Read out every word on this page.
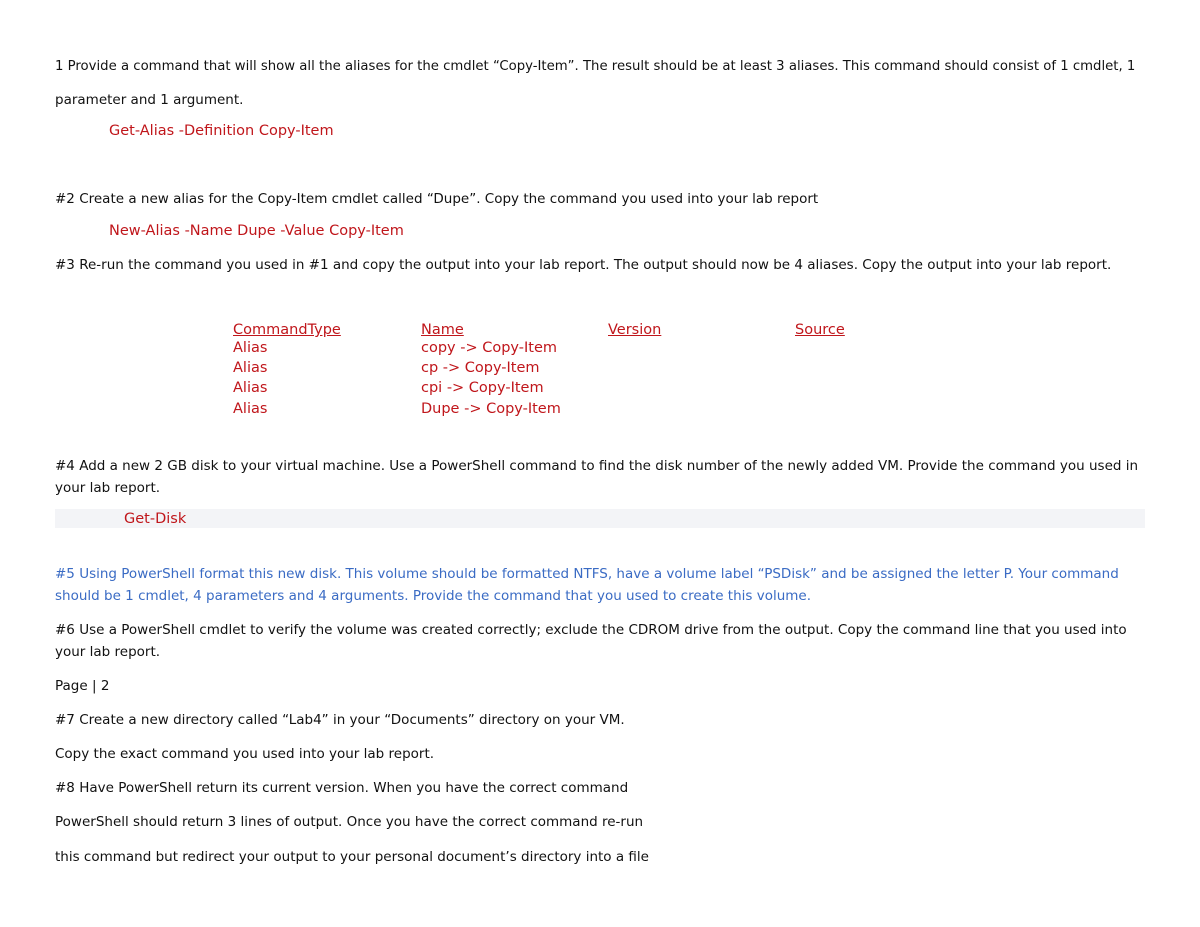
1 Provide a command that will show all the aliases for the cmdlet “Copy-Item”. The result should be at least 3 aliases. This command should consist of 1 cmdlet, 1
parameter and 1 argument.
Get-Alias -Definition Copy-Item
#2 Create a new alias for the Copy-Item cmdlet called “Dupe”. Copy the command you used into your lab report
New-Alias -Name Dupe -Value Copy-Item
#3 Re-run the command you used in #1 and copy the output into your lab report. The output should now be 4 aliases. Copy the output into your lab report.
CommandType	Name	Version	Source
Alias	copy -> Copy-Item
Alias	cp -> Copy-Item
Alias	cpi -> Copy-Item
Alias	Dupe -> Copy-Item
#4 Add a new 2 GB disk to your virtual machine. Use a PowerShell command to find the disk number of the newly added VM. Provide the command you used in
your lab report.
Get-Disk
#5 Using PowerShell format this new disk. This volume should be formatted NTFS, have a volume label “PSDisk” and be assigned the letter P. Your command
should be 1 cmdlet, 4 parameters and 4 arguments. Provide the command that you used to create this volume.
#6 Use a PowerShell cmdlet to verify the volume was created correctly; exclude the CDROM drive from the output. Copy the command line that you used into
your lab report.
Page | 2
#7 Create a new directory called “Lab4” in your “Documents” directory on your VM.
Copy the exact command you used into your lab report.
#8 Have PowerShell return its current version. When you have the correct command
PowerShell should return 3 lines of output. Once you have the correct command re-run
this command but redirect your output to your personal document’s directory into a file
